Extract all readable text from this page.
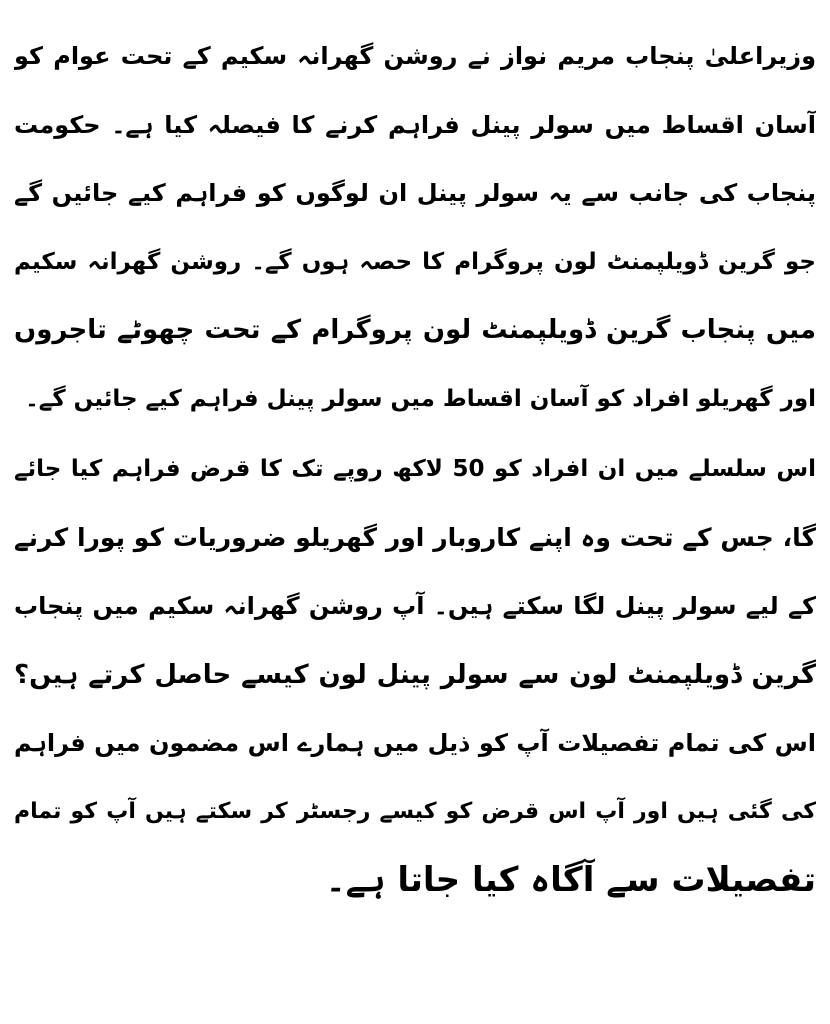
وزیراعلیٰ پنجاب مریم نواز نے روشن گھرانہ سکیم کے تحت عوام کو
آسان اقساط میں سولر پینل فراہم کرنے کا فیصلہ کیا ہے۔ حکومت
پنجاب کی جانب سے یہ سولر پینل ان لوگوں کو فراہم کیے جائیں گے
جو گرین ڈویلپمنٹ لون پروگرام کا حصہ ہوں گے۔ روشن گھرانہ سکیم
میں پنجاب گرین ڈویلپمنٹ لون پروگرام کے تحت چھوٹے تاجروں
اور گھریلو افراد کو آسان اقساط میں سولر پینل فراہم کیے جائیں گے۔

اس سلسلے میں ان افراد کو 50 لاکھ روپے تک کا قرض فراہم کیا جائے
گا، جس کے تحت وہ اپنے کاروبار اور گھریلو ضروریات کو پورا کرنے
کے لیے سولر پینل لگا سکتے ہیں۔ آپ روشن گھرانہ سکیم میں پنجاب
گرین ڈویلپمنٹ لون سے سولر پینل لون کیسے حاصل کرتے ہیں؟
اس کی تمام تفصیلات آپ کو ذیل میں ہمارے اس مضمون میں فراہم
کی گئی ہیں اور آپ اس قرض کو کیسے رجسٹر کر سکتے ہیں آپ کو تمام
تفصیلات سے آگاہ کیا جاتا ہے۔
